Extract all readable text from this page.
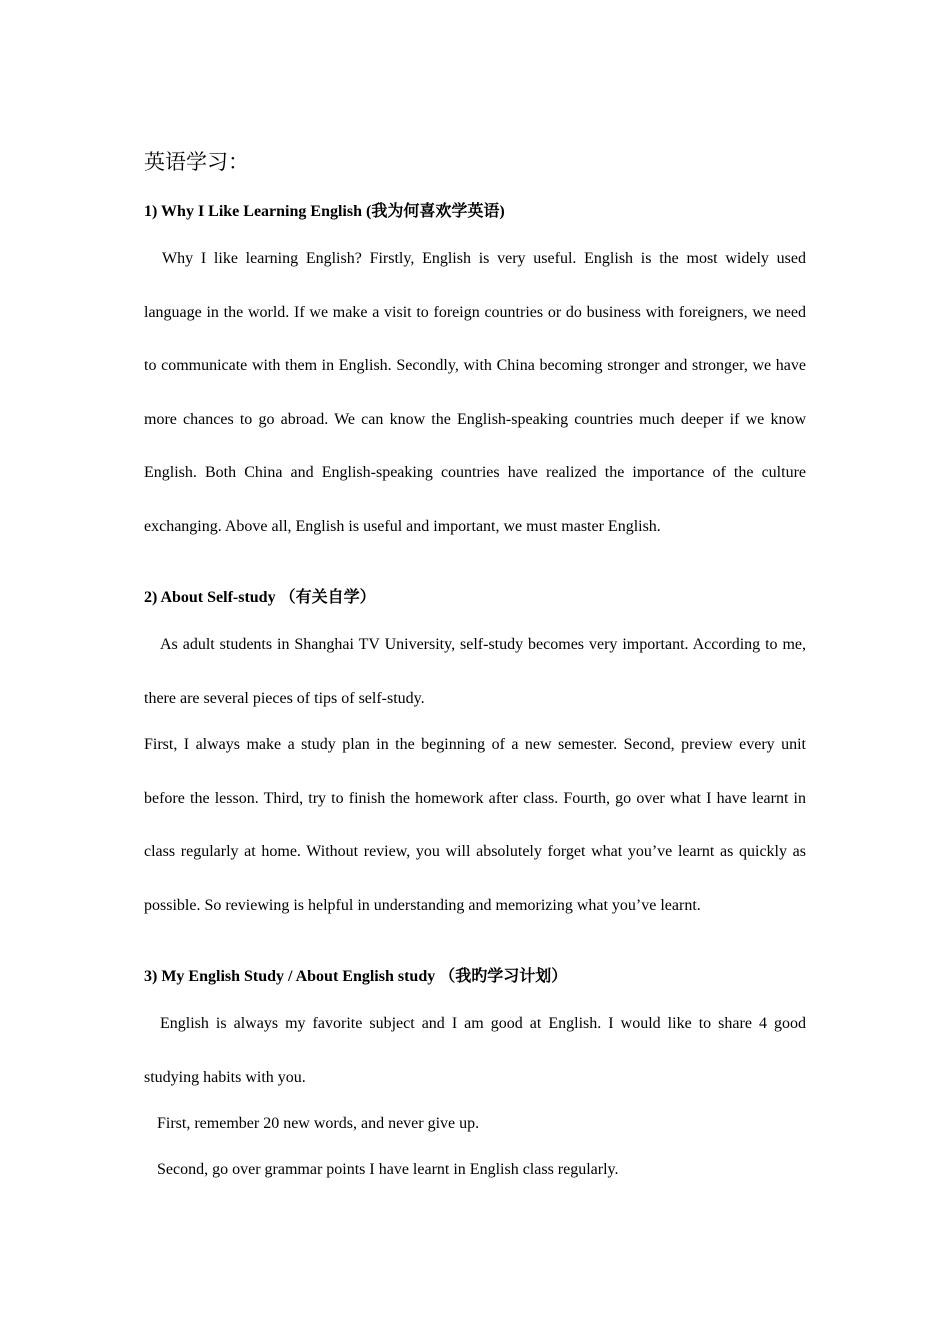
英语学习：
1) Why I Like Learning English (我为何喜欢学英语)

Why I like learning English? Firstly, English is very useful. English is the most widely used language in the world. If we make a visit to foreign countries or do business with foreigners, we need to communicate with them in English. Secondly, with China becoming stronger and stronger, we have more chances to go abroad. We can know the English-speaking countries much deeper if we know English. Both China and English-speaking countries have realized the importance of the culture exchanging. Above all, English is useful and important, we must master English.

2) About Self-study （有关自学）

As adult students in Shanghai TV University, self-study becomes very important. According to me, there are several pieces of tips of self-study.

First, I always make a study plan in the beginning of a new semester. Second, preview every unit before the lesson. Third, try to finish the homework after class. Fourth, go over what I have learnt in class regularly at home. Without review, you will absolutely forget what you’ve learnt as quickly as possible. So reviewing is helpful in understanding and memorizing what you’ve learnt.

3) My English Study / About English study （我旳学习计划）

English is always my favorite subject and I am good at English. I would like to share 4 good studying habits with you.

First, remember 20 new words, and never give up.
Second, go over grammar points I have learnt in English class regularly.
